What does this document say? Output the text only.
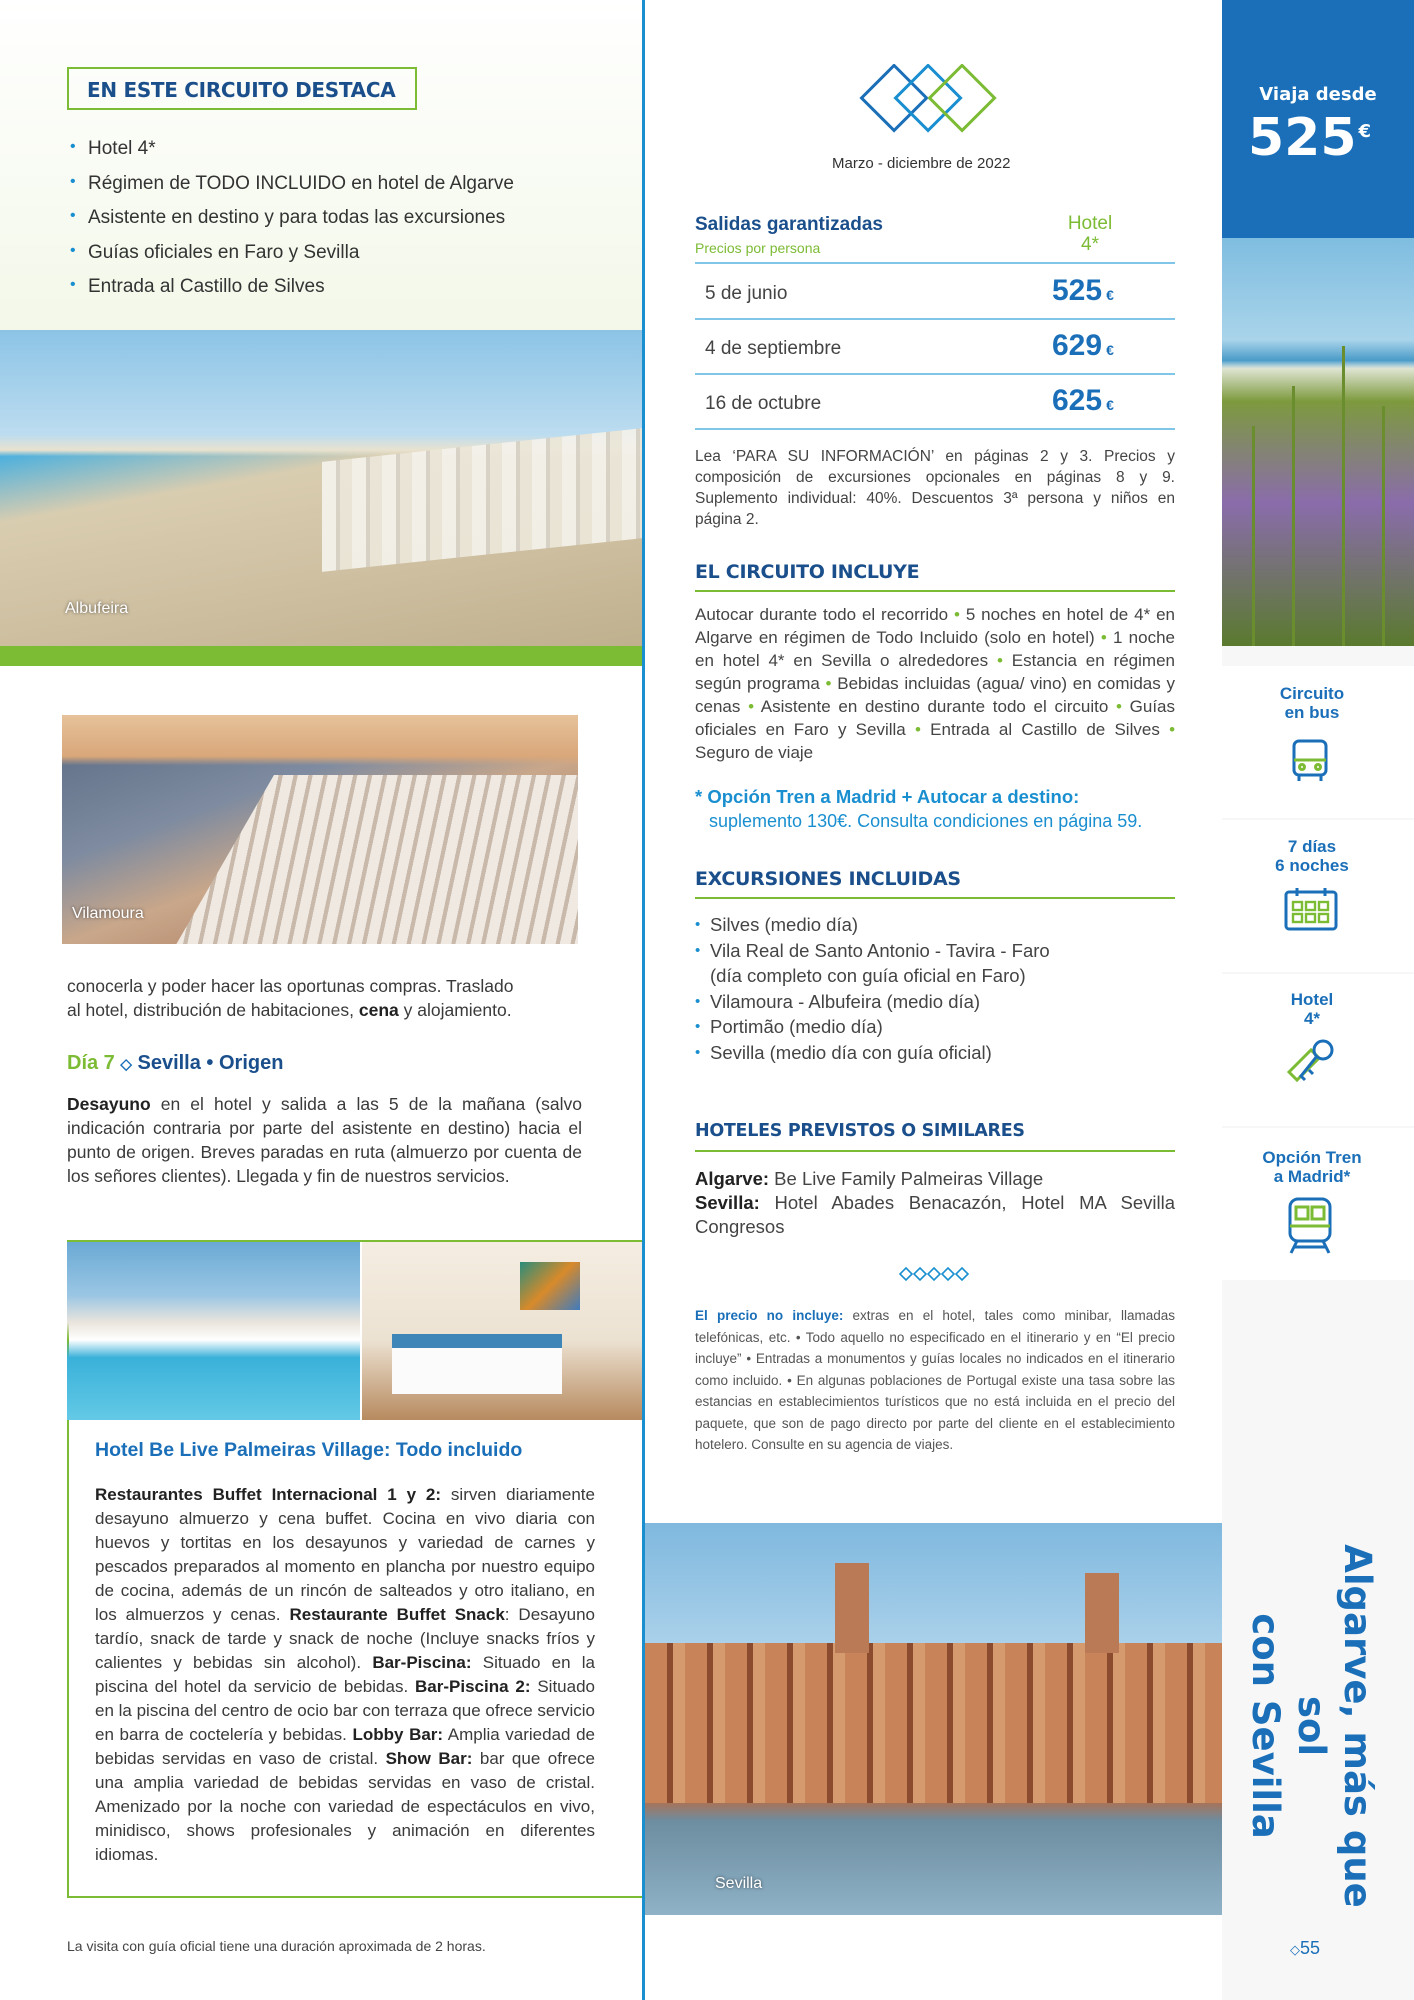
EN ESTE CIRCUITO DESTACA
• Hotel 4*
• Régimen de TODO INCLUIDO en hotel de Algarve
• Asistente en destino y para todas las excursiones
• Guías oficiales en Faro y Sevilla
• Entrada al Castillo de Silves
Albufeira
Vilamoura
conocerla y poder hacer las oportunas compras. Traslado
al hotel, distribución de habitaciones, cena y alojamiento.
Día 7 ◇ Sevilla • Origen
Desayuno en el hotel y salida a las 5 de la mañana (salvo indicación contraria por parte del asistente en destino) hacia el punto de origen. Breves paradas en ruta (almuerzo por cuenta de los señores clientes). Llegada y fin de nuestros servicios.
Hotel Be Live Palmeiras Village: Todo incluido
Restaurantes Buffet Internacional 1 y 2: sirven diariamente desayuno almuerzo y cena buffet. Cocina en vivo diaria con huevos y tortitas en los desayunos y variedad de carnes y pescados preparados al momento en plancha por nuestro equipo de cocina, además de un rincón de salteados y otro italiano, en los almuerzos y cenas. Restaurante Buffet Snack: Desayuno tardío, snack de tarde y snack de noche (Incluye snacks fríos y calientes y bebidas sin alcohol). Bar-Piscina: Situado en la piscina del hotel da servicio de bebidas. Bar-Piscina 2: Situado en la piscina del centro de ocio bar con terraza que ofrece servicio en barra de coctelería y bebidas. Lobby Bar: Amplia variedad de bebidas servidas en vaso de cristal. Show Bar: bar que ofrece una amplia variedad de bebidas servidas en vaso de cristal. Amenizado por la noche con variedad de espectáculos en vivo, minidisco, shows profesionales y animación en diferentes idiomas.
La visita con guía oficial tiene una duración aproximada de 2 horas.
Marzo - diciembre de 2022
Salidas garantizadas
Precios por persona
Hotel
4*
5 de junio	525 €
4 de septiembre	629 €
16 de octubre	625 €
Lea ‘PARA SU INFORMACIÓN’ en páginas 2 y 3. Precios y composición de excursiones opcionales en páginas 8 y 9. Suplemento individual: 40%. Descuentos 3ª persona y niños en página 2.
EL CIRCUITO INCLUYE
Autocar durante todo el recorrido • 5 noches en hotel de 4* en Algarve en régimen de Todo Incluido (solo en hotel) • 1 noche en hotel 4* en Sevilla o alrededores • Estancia en régimen según programa • Bebidas incluidas (agua/ vino) en comidas y cenas • Asistente en destino durante todo el circuito • Guías oficiales en Faro y Sevilla • Entrada al Castillo de Silves • Seguro de viaje
* Opción Tren a Madrid + Autocar a destino:
suplemento 130€. Consulta condiciones en página 59.
EXCURSIONES INCLUIDAS
• Silves (medio día)
• Vila Real de Santo Antonio - Tavira - Faro
(día completo con guía oficial en Faro)
• Vilamoura - Albufeira (medio día)
• Portimão (medio día)
• Sevilla (medio día con guía oficial)
HOTELES PREVISTOS O SIMILARES
Algarve: Be Live Family Palmeiras Village
Sevilla: Hotel Abades Benacazón, Hotel MA Sevilla Congresos
El precio no incluye: extras en el hotel, tales como minibar, llamadas telefónicas, etc. • Todo aquello no especificado en el itinerario y en “El precio incluye” • Entradas a monumentos y guías locales no indicados en el itinerario como incluido. • En algunas poblaciones de Portugal existe una tasa sobre las estancias en establecimientos turísticos que no está incluida en el precio del paquete, que son de pago directo por parte del cliente en el establecimiento hotelero. Consulte en su agencia de viajes.
Sevilla
Viaja desde
525 €
Circuito
en bus
7 días
6 noches
Hotel
4*
Opción Tren
a Madrid*
Algarve, más que sol
con Sevilla
◇55
